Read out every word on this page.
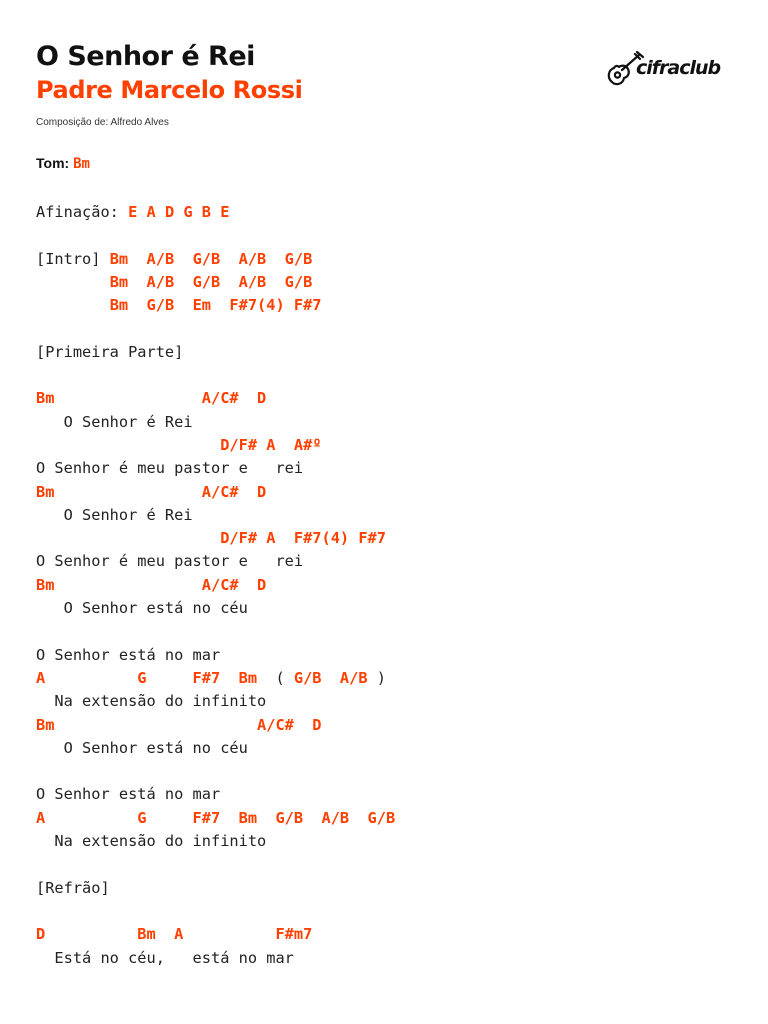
O Senhor é Rei
Padre Marcelo Rossi
Composição de: Alfredo Alves
cifraclub
Tom: Bm
Afinação: E A D G B E
[Intro] Bm  A/B  G/B  A/B  G/B
Bm  A/B  G/B  A/B  G/B
Bm  G/B  Em  F#7(4) F#7
[Primeira Parte]
Bm                A/C#  D
O Senhor é Rei
D/F# A  A#º
O Senhor é meu pastor e   rei
Bm                A/C#  D
O Senhor é Rei
D/F# A  F#7(4) F#7
O Senhor é meu pastor e   rei
Bm                A/C#  D
O Senhor está no céu
O Senhor está no mar
A          G     F#7  Bm  ( G/B  A/B )
Na extensão do infinito
Bm                      A/C#  D
O Senhor está no céu
O Senhor está no mar
A          G     F#7  Bm  G/B  A/B  G/B
Na extensão do infinito
[Refrão]
D          Bm  A          F#m7
Está no céu,   está no mar
